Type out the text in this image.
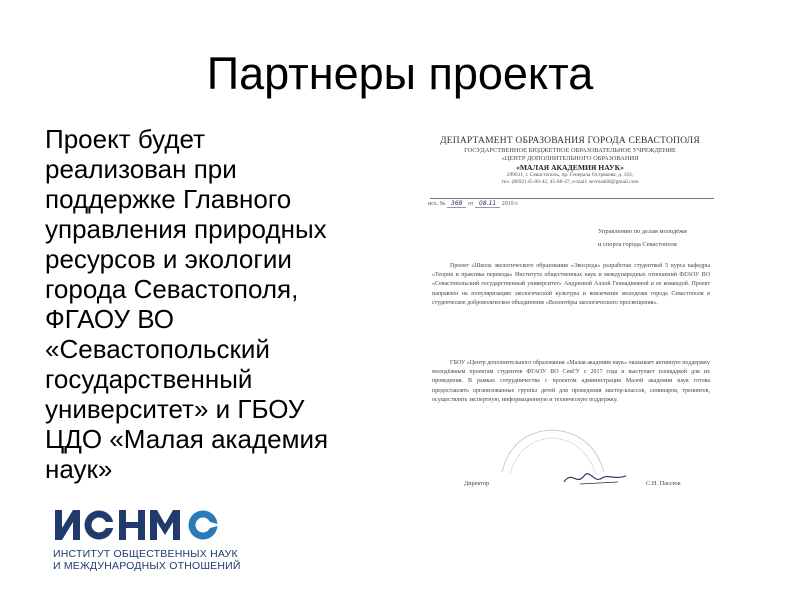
Партнеры проекта
Проект будет
реализован при
поддержке Главного
управления природных
ресурсов и экологии
города Севастополя,
ФГАОУ ВО
«Севастопольский
государственный
университет» и ГБОУ
ЦДО «Малая академия
наук»
ДЕПАРТАМЕНТ ОБРАЗОВАНИЯ ГОРОДА СЕВАСТОПОЛЯ
ГОСУДАРСТВЕННОЕ БЮДЖЕТНОЕ ОБРАЗОВАТЕЛЬНОЕ УЧРЕЖДЕНИЕ
«ЦЕНТР ДОПОЛНИТЕЛЬНОГО ОБРАЗОВАНИЯ
«МАЛАЯ АКАДЕМИЯ НАУК»
299011, г. Севастополь, пр. Генерала Острякова, д. 163,
тел. (8692) 45-00-42, 45-88-47, e-mail: sevman68@gmail.com
исх. № 368 от 08.11 2019 г.
Управлению по делам молодёжи
и спорта города Севастополя
Проект «Школа экологического образования «Экосреда» разработан студенткой 5 курса кафедры «Теория и практика перевода» Института общественных наук и международных отношений ФГАОУ ВО «Севастопольский государственный университет» Андреевой Аллой Геннадиевной и ее командой. Проект направлен на популяризацию экологической культуры и вовлечение молодежи города Севастополя в студенческое добровольческое объединение «Волонтёры экологического просвещения».
ГБОУ «Центр дополнительного образования «Малая академия наук» оказывает активную поддержку молодёжным проектам студентов ФГАОУ ВО СевГУ с 2017 года и выступает площадкой для их проведения. В рамках сотрудничества с проектом администрация Малой академии наук готова предоставлять организованные группы детей для проведения мастер-классов, семинаров, тренингов, осуществлять экспертную, информационную и техническую поддержку.
Директор	С.Н. Пассюк
ИНСТИТУТ ОБЩЕСТВЕННЫХ НАУК
И МЕЖДУНАРОДНЫХ ОТНОШЕНИЙ
